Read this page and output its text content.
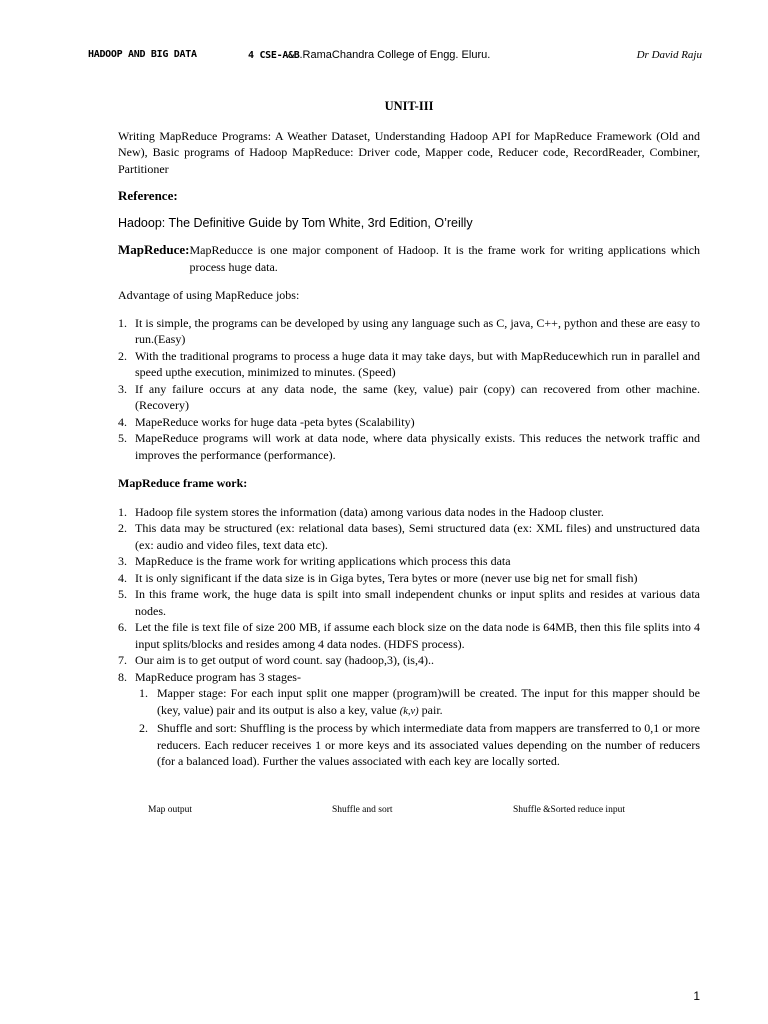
HADOOP AND BIG DATA	4 CSE-A&B.RamaChandra College of Engg. Eluru.	Dr David Raju
UNIT-III

Writing MapReduce Programs: A Weather Dataset, Understanding Hadoop API for MapReduce Framework (Old and New), Basic programs of Hadoop MapReduce: Driver code, Mapper code, Reducer code, RecordReader, Combiner, Partitioner

Reference:
Hadoop: The Definitive Guide by Tom White, 3rd Edition, O’reilly
MapReduce: MapReducce is one major component of Hadoop. It is the frame work for writing applications which process huge data.

Advantage of using MapReduce jobs:

1. It is simple, the programs can be developed by using any language such as C, java, C++, python and these are easy to run.(Easy)
2. With the traditional programs to process a huge data it may take days, but with MapReducewhich run in parallel and speed upthe execution, minimized to minutes. (Speed)
3. If any failure occurs at any data node, the same (key, value) pair (copy) can recovered from other machine. (Recovery)
4. MapeReduce works for huge data -peta bytes (Scalability)
5. MapeReduce programs will work at data node, where data physically exists. This reduces the network traffic and improves the performance (performance).
MapReduce frame work:
1. Hadoop file system stores the information (data) among various data nodes in the Hadoop cluster.
2. This data may be structured (ex: relational data bases), Semi structured data (ex: XML files) and unstructured data (ex: audio and video files, text data etc).
3. MapReduce is the frame work for writing applications which process this data
4. It is only significant if the data size is in Giga bytes, Tera bytes or more (never use big net for small fish)
5. In this frame work, the huge data is spilt into small independent chunks or input splits and resides at various data nodes.
6. Let the file is text file of size 200 MB, if assume each block size on the data node is 64MB, then this file splits into 4 input splits/blocks and resides among 4 data nodes. (HDFS process).
7. Our aim is to get output of word count. say (hadoop,3), (is,4)..
8. MapReduce program has 3 stages-
1. Mapper stage: For each input split one mapper (program)will be created. The input for this mapper should be (key, value) pair and its output is also a key, value (k,v) pair.
2. Shuffle and sort: Shuffling is the process by which intermediate data from mappers are transferred to 0,1 or more reducers. Each reducer receives 1 or more keys and its associated values depending on the number of reducers (for a balanced load). Further the values associated with each key are locally sorted.
Map output	Shuffle and sort	Shuffle &Sorted reduce input
1
